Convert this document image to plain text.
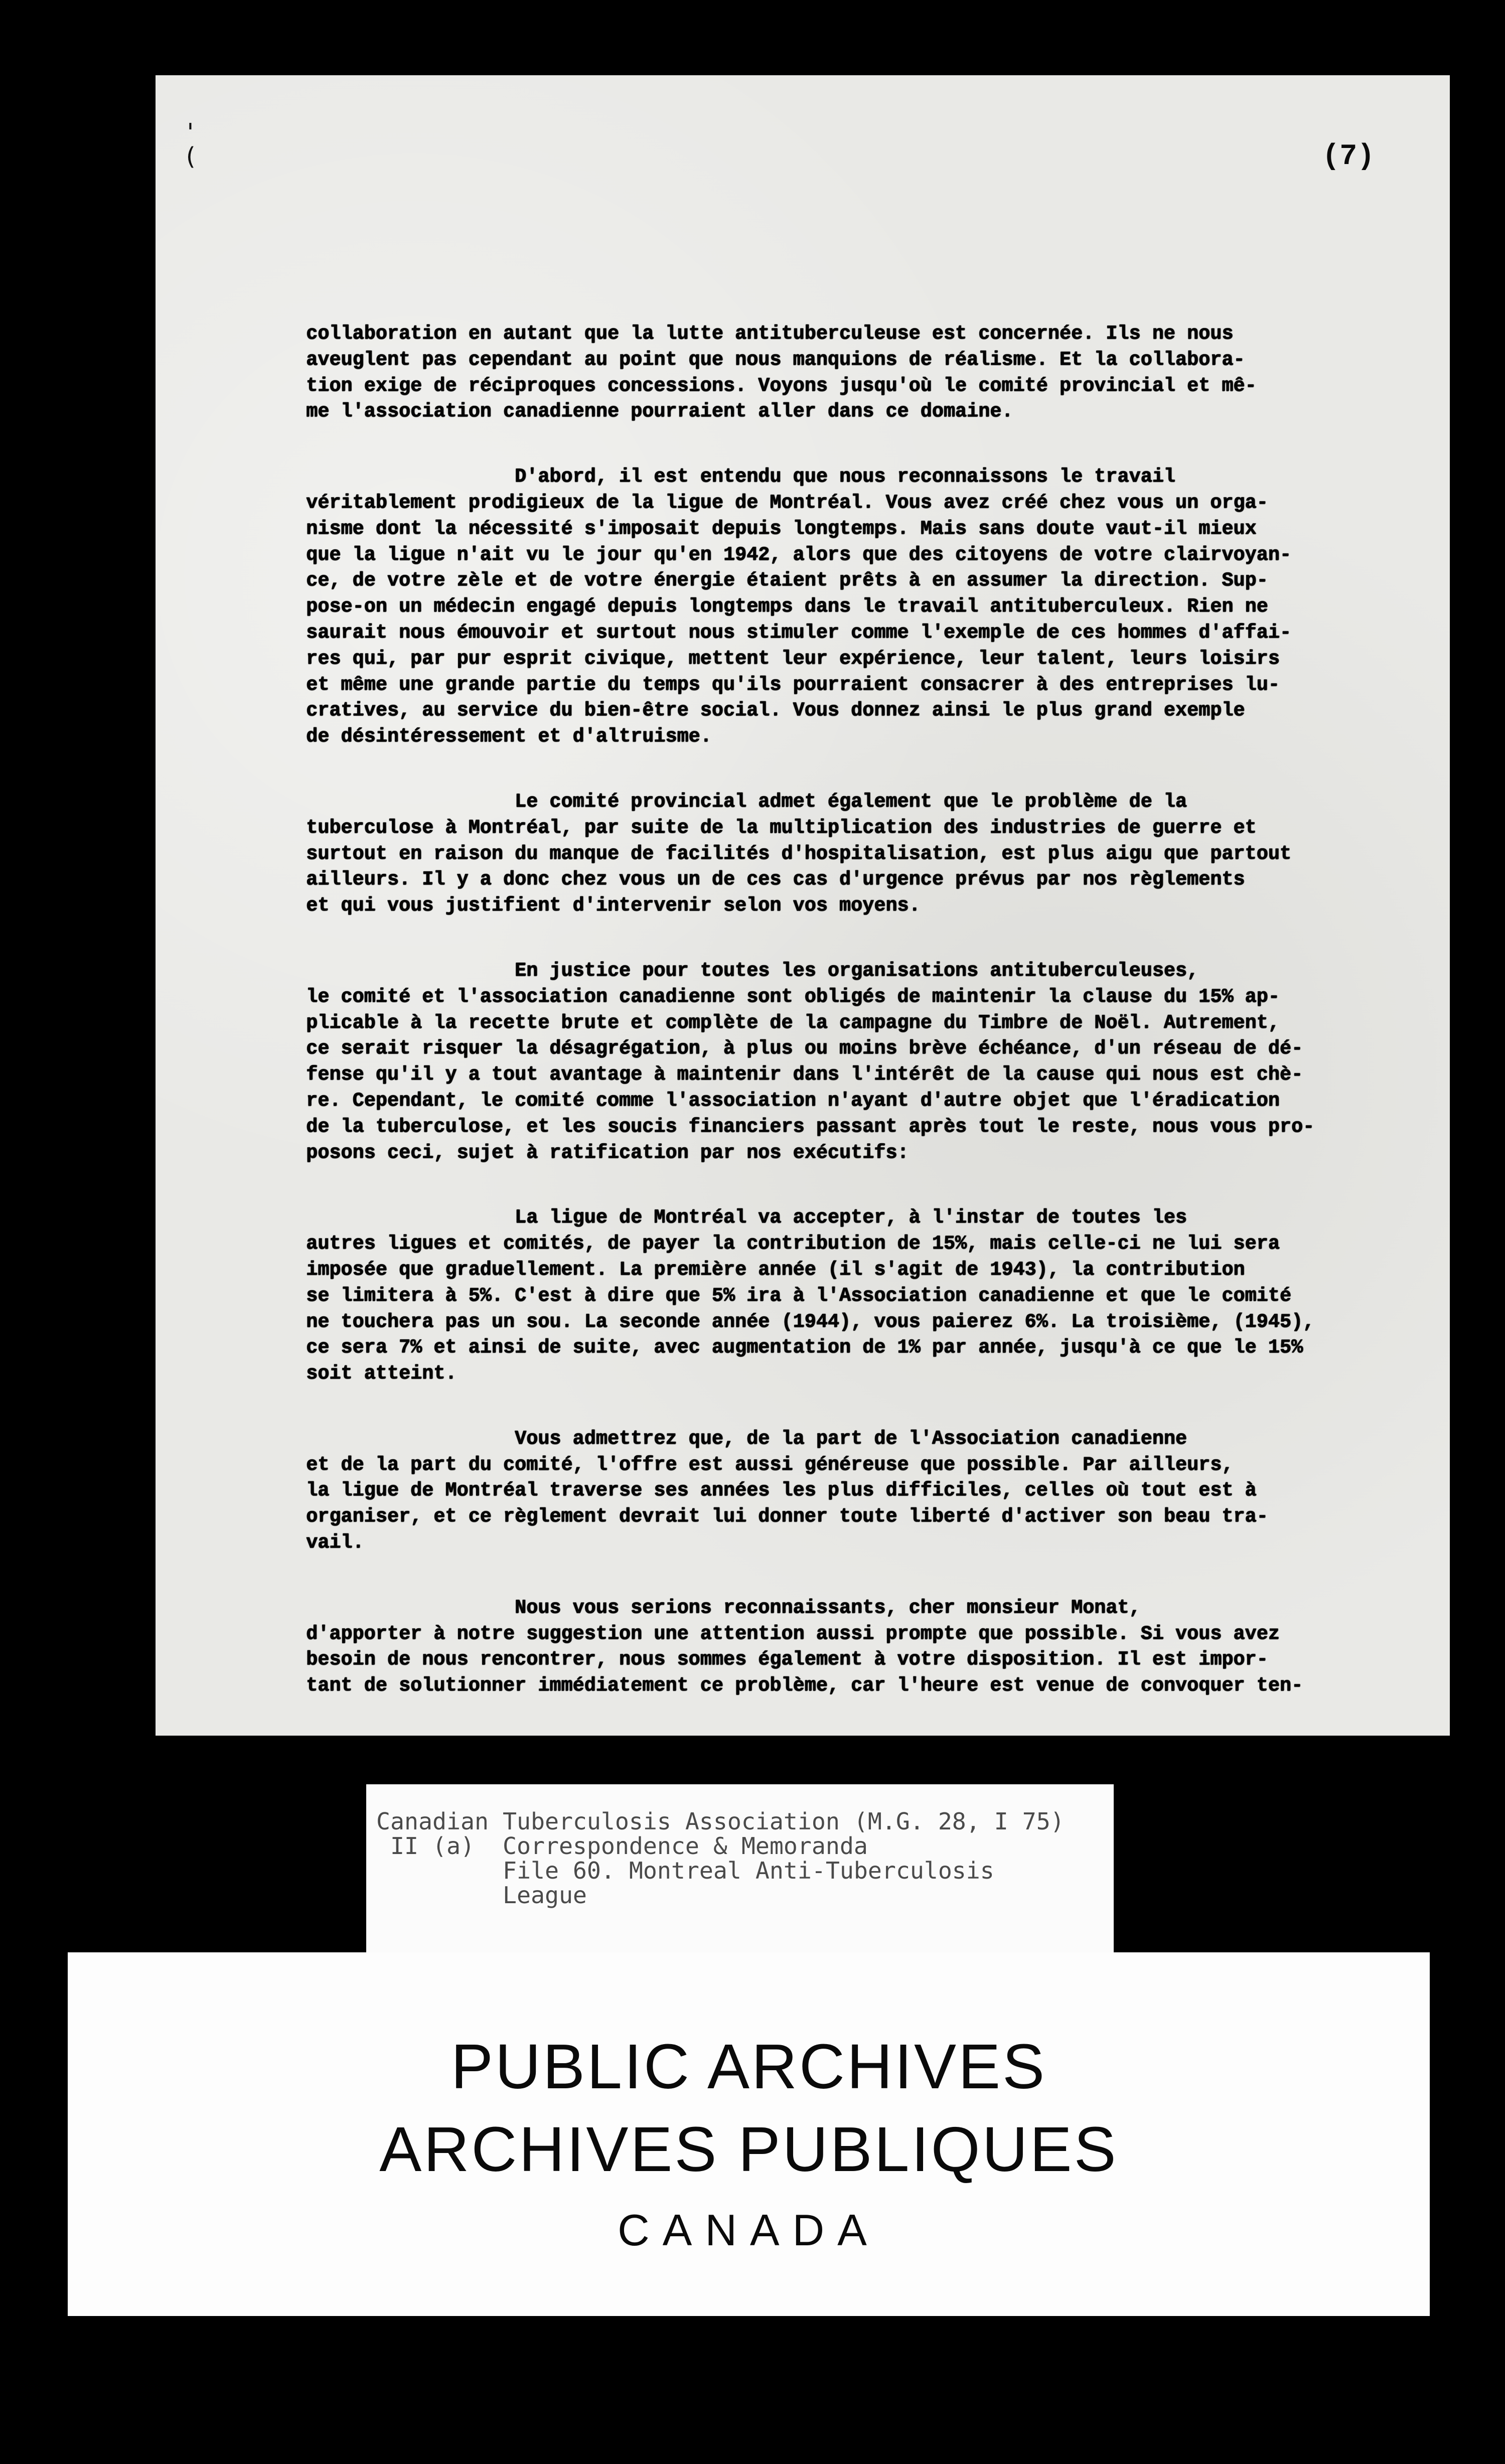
'
(	(7)
collaboration en autant que la lutte antituberculeuse est concernée. Ils ne nous
aveuglent pas cependant au point que nous manquions de réalisme. Et la collabora-
tion exige de réciproques concessions. Voyons jusqu'où le comité provincial et mê-
me l'association canadienne pourraient aller dans ce domaine.
D'abord, il est entendu que nous reconnaissons le travail
véritablement prodigieux de la ligue de Montréal. Vous avez créé chez vous un orga-
nisme dont la nécessité s'imposait depuis longtemps. Mais sans doute vaut-il mieux
que la ligue n'ait vu le jour qu'en 1942, alors que des citoyens de votre clairvoyan-
ce, de votre zèle et de votre énergie étaient prêts à en assumer la direction. Sup-
pose-on un médecin engagé depuis longtemps dans le travail antituberculeux. Rien ne
saurait nous émouvoir et surtout nous stimuler comme l'exemple de ces hommes d'affai-
res qui, par pur esprit civique, mettent leur expérience, leur talent, leurs loisirs
et même une grande partie du temps qu'ils pourraient consacrer à des entreprises lu-
cratives, au service du bien-être social. Vous donnez ainsi le plus grand exemple
de désintéressement et d'altruisme.
Le comité provincial admet également que le problème de la
tuberculose à Montréal, par suite de la multiplication des industries de guerre et
surtout en raison du manque de facilités d'hospitalisation, est plus aigu que partout
ailleurs. Il y a donc chez vous un de ces cas d'urgence prévus par nos règlements
et qui vous justifient d'intervenir selon vos moyens.
En justice pour toutes les organisations antituberculeuses,
le comité et l'association canadienne sont obligés de maintenir la clause du 15% ap-
plicable à la recette brute et complète de la campagne du Timbre de Noël. Autrement,
ce serait risquer la désagrégation, à plus ou moins brève échéance, d'un réseau de dé-
fense qu'il y a tout avantage à maintenir dans l'intérêt de la cause qui nous est chè-
re. Cependant, le comité comme l'association n'ayant d'autre objet que l'éradication
de la tuberculose, et les soucis financiers passant après tout le reste, nous vous pro-
posons ceci, sujet à ratification par nos exécutifs:
La ligue de Montréal va accepter, à l'instar de toutes les
autres ligues et comités, de payer la contribution de 15%, mais celle-ci ne lui sera
imposée que graduellement. La première année (il s'agit de 1943), la contribution
se limitera à 5%. C'est à dire que 5% ira à l'Association canadienne et que le comité
ne touchera pas un sou. La seconde année (1944), vous paierez 6%. La troisième, (1945),
ce sera 7% et ainsi de suite, avec augmentation de 1% par année, jusqu'à ce que le 15%
soit atteint.
Vous admettrez que, de la part de l'Association canadienne
et de la part du comité, l'offre est aussi généreuse que possible. Par ailleurs,
la ligue de Montréal traverse ses années les plus difficiles, celles où tout est à
organiser, et ce règlement devrait lui donner toute liberté d'activer son beau tra-
vail.
Nous vous serions reconnaissants, cher monsieur Monat,
d'apporter à notre suggestion une attention aussi prompte que possible. Si vous avez
besoin de nous rencontrer, nous sommes également à votre disposition. Il est impor-
tant de solutionner immédiatement ce problème, car l'heure est venue de convoquer ten-
Canadian Tuberculosis Association (M.G. 28, I 75)
II (a)  Correspondence & Memoranda
File 60. Montreal Anti-Tuberculosis
League
PUBLIC ARCHIVES
ARCHIVES PUBLIQUES
CANADA
